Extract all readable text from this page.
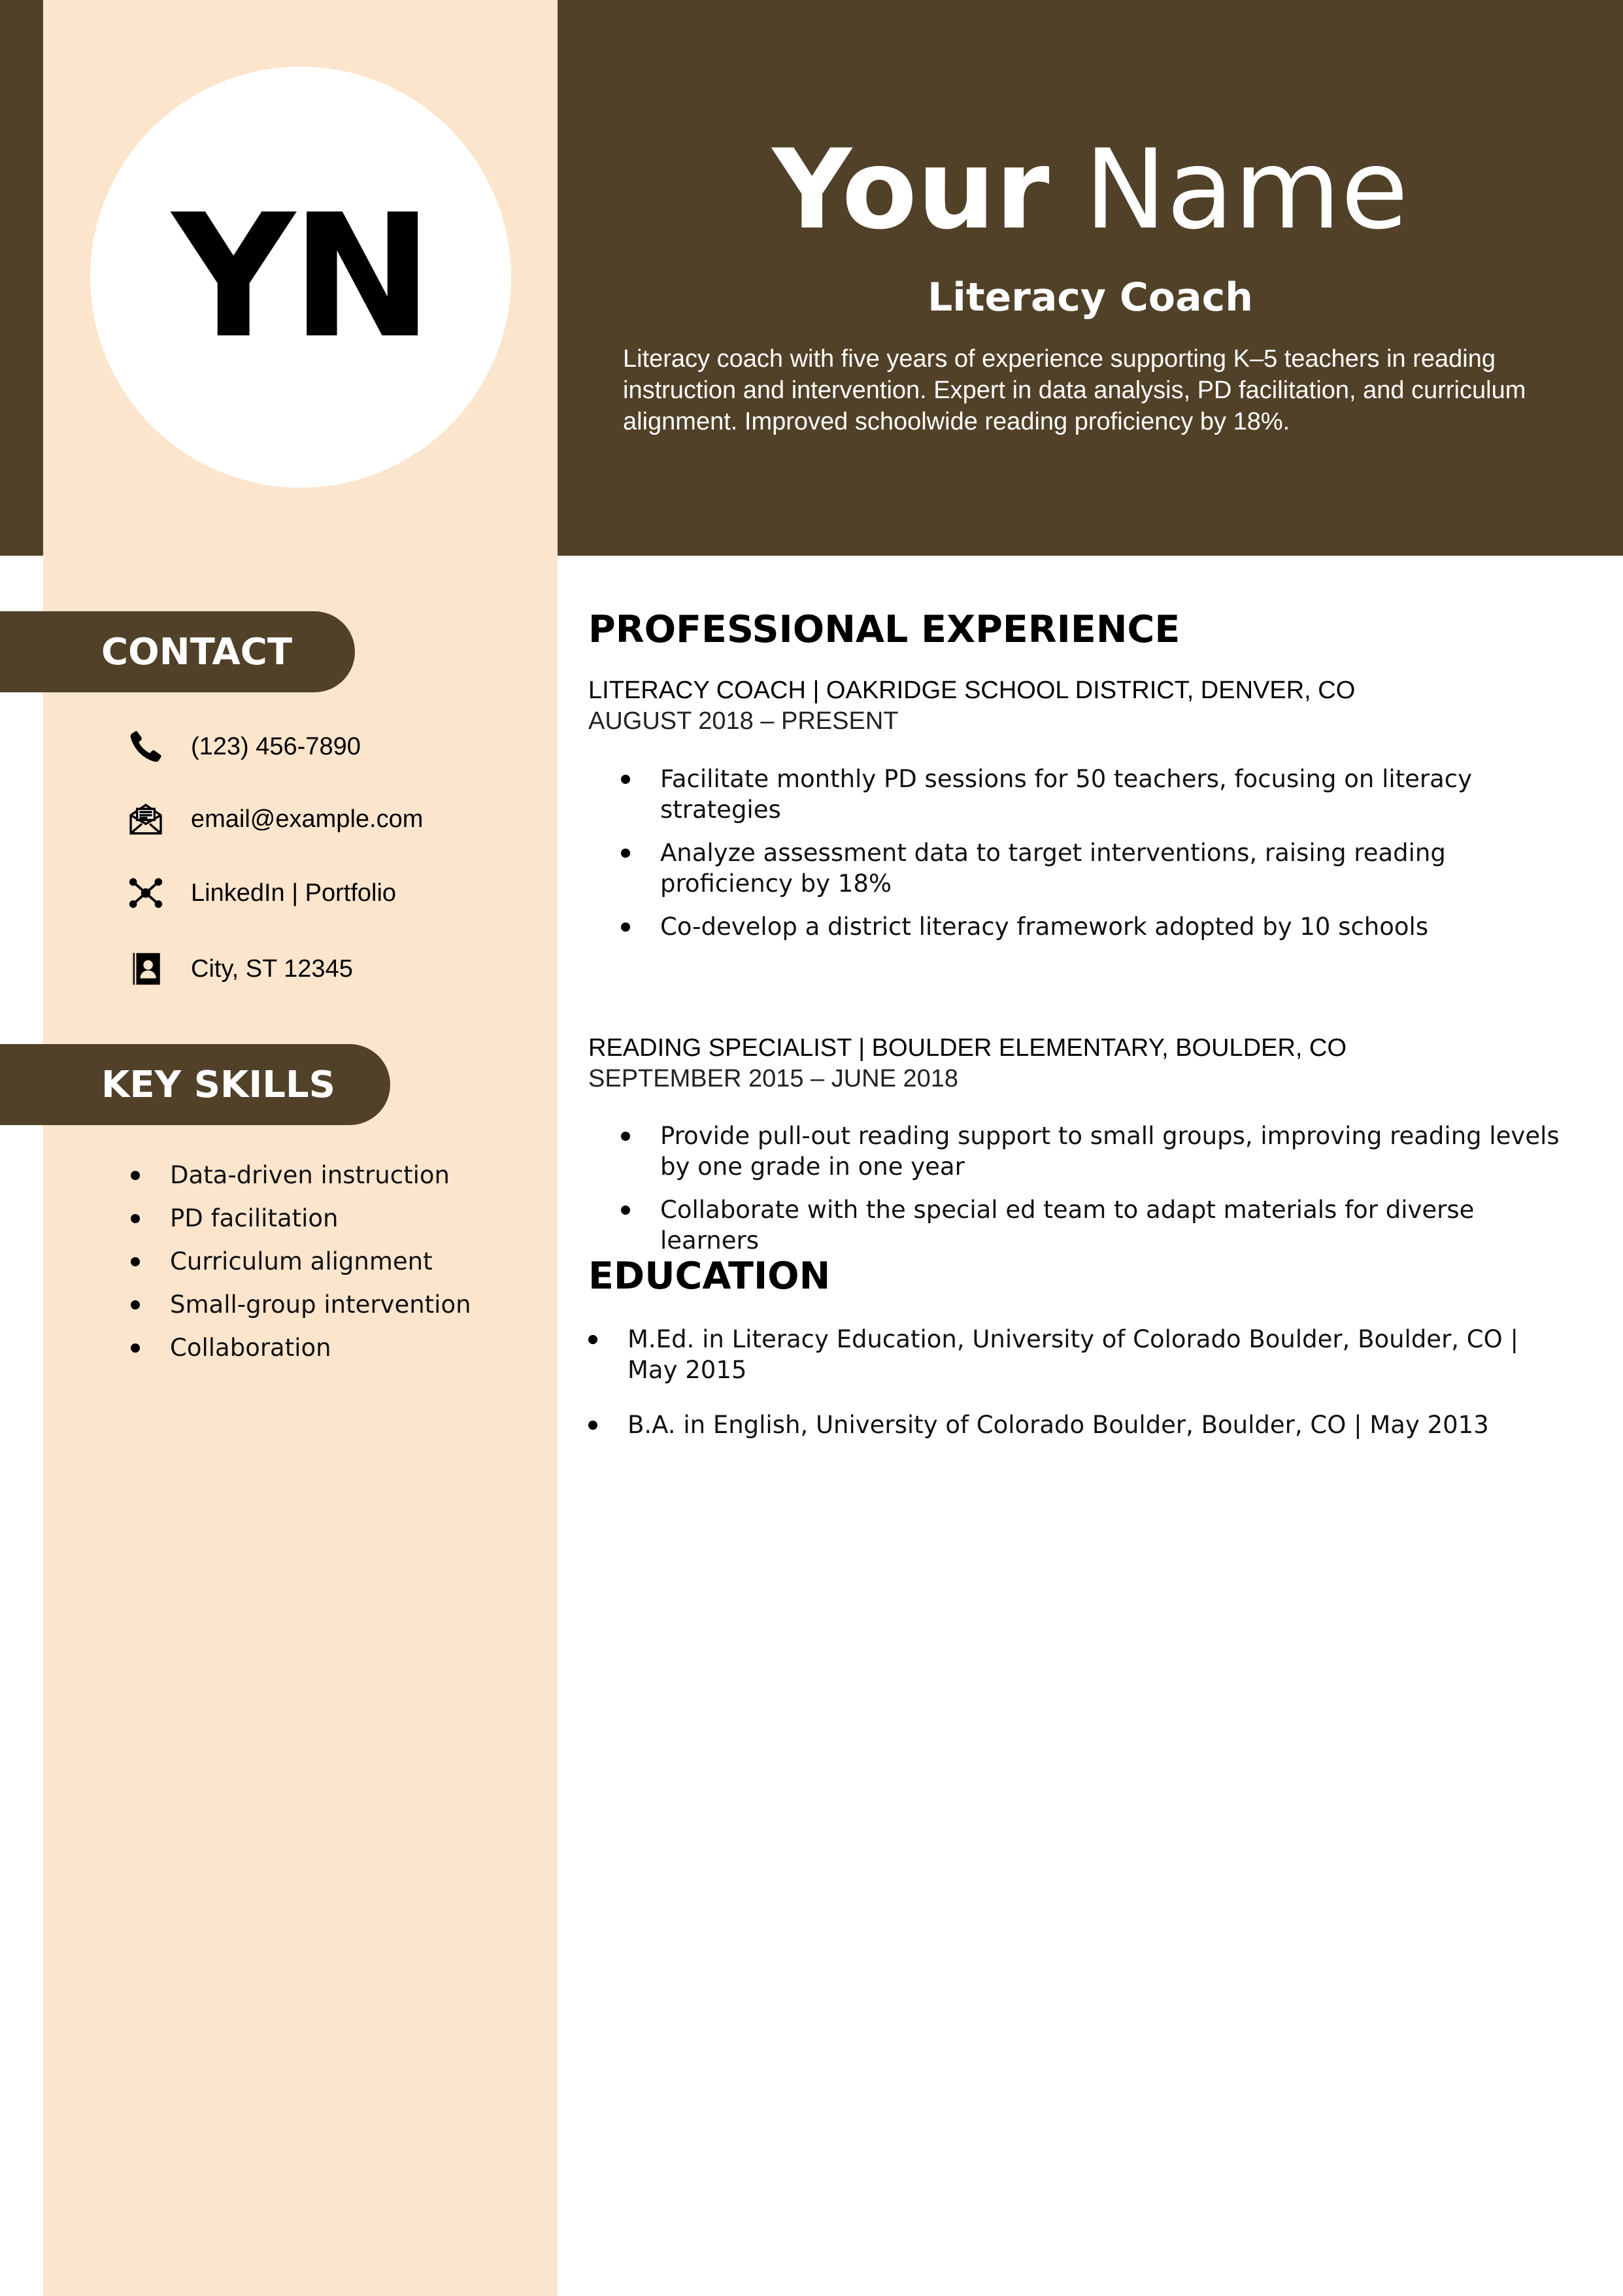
YN	Your Name
Literacy Coach
Literacy coach with five years of experience supporting K–5 teachers in reading instruction and intervention. Expert in data analysis, PD facilitation, and curriculum alignment. Improved schoolwide reading proficiency by 18%.
CONTACT
(123) 456-7890
email@example.com
LinkedIn | Portfolio
City, ST 12345
KEY SKILLS
Data-driven instruction
PD facilitation
Curriculum alignment
Small-group intervention
Collaboration
PROFESSIONAL EXPERIENCE
LITERACY COACH | OAKRIDGE SCHOOL DISTRICT, DENVER, CO
AUGUST 2018 – PRESENT
Facilitate monthly PD sessions for 50 teachers, focusing on literacy strategies
Analyze assessment data to target interventions, raising reading proficiency by 18%
Co-develop a district literacy framework adopted by 10 schools
READING SPECIALIST | BOULDER ELEMENTARY, BOULDER, CO
SEPTEMBER 2015 – JUNE 2018
Provide pull-out reading support to small groups, improving reading levels by one grade in one year
Collaborate with the special ed team to adapt materials for diverse learners
EDUCATION
M.Ed. in Literacy Education, University of Colorado Boulder, Boulder, CO | May 2015
B.A. in English, University of Colorado Boulder, Boulder, CO | May 2013
